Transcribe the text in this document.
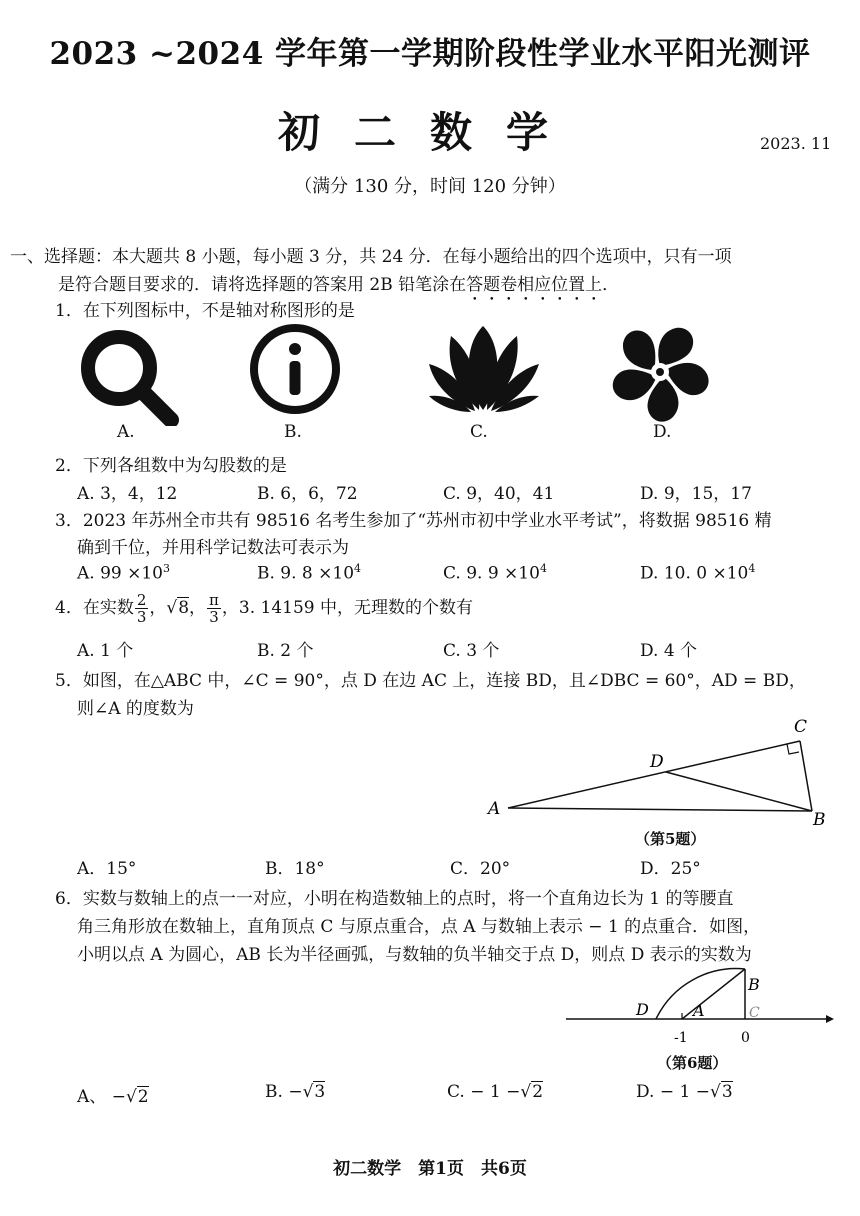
2023 ~2024 学年第一学期阶段性学业水平阳光测评
初二数学	2023. 11
（满分 130 分，时间 120 分钟）
一、选择题：本大题共 8 小题，每小题 3 分，共 24 分．在每小题给出的四个选项中，只有一项
是符合题目要求的．请将选择题的答案用 2B 铅笔涂在答题卷相应位置上．
1．在下列图标中，不是轴对称图形的是
A.	B.	C.	D.
2．下列各组数中为勾股数的是
A. 3，4，12	B. 6，6，72	C. 9，40，41	D. 9，15，17
3．2023 年苏州全市共有 98516 名考生参加了“苏州市初中学业水平考试”，将数据 98516 精
确到千位，并用科学记数法可表示为
A. $99 \times 10^3$	B. 9. $8 \times 10^4$	C. 9. $9 \times 10^4$	D. 10. $0 \times 10^4$
4．在实数 $\frac{2}{3}$ ，√8， $\frac{\pi}{3}$ ，3. 14159 中，无理数的个数有
A. 1 个	B. 2 个	C. 3 个	D. 4 个
5．如图，在△ABC 中，∠C = 90°，点 D 在边 AC 上，连接 BD，且∠DBC = 60°，AD = BD，
则∠A 的度数为
A
B
C
D
（第5题）
A．15°	B．18°	C．20°	D．25°
6．实数与数轴上的点一一对应，小明在构造数轴上的点时，将一个直角边长为 1 的等腰直
角三角形放在数轴上，直角顶点 C 与原点重合，点 A 与数轴上表示 − 1 的点重合．如图，
小明以点 A 为圆心，AB 长为半径画弧，与数轴的负半轴交于点 D，则点 D 表示的实数为
D	A
B
C
-1	0
（第6题）
A、 −√2	B. −√3	C. − 1 −√2	D. − 1 −√3
初二数学　第1页　共6页
